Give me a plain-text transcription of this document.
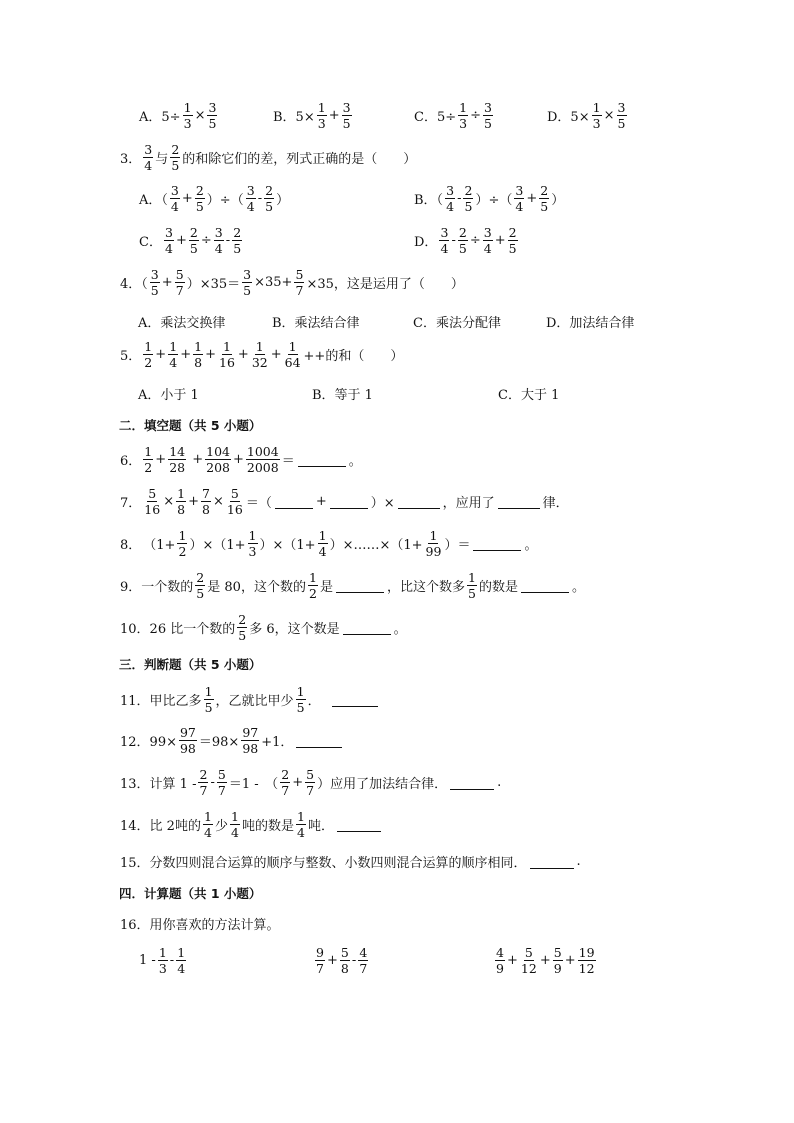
A．$5\div \frac{1}{3} \times \frac{3}{5}$	B．$5\times \frac{1}{3} + \frac{3}{5}$	C．$5\div \frac{1}{3} \div \frac{3}{5}$	D．$5\times \frac{1}{3} \times \frac{3}{5}$
3．
3
4 与
2
5 的和除它们的差，列式正确的是（　　）
A．（
3
4
+ $\frac{2}{5}$ ）÷（
3
4
-
2
5 ）	B．（
3
4
-
2
5 ）÷（
3
4
+ $\frac{2}{5}$ ）
C．
3
4
+ $\frac{2}{5} \div \frac{3}{4}$ -
2
5	D．
3
4
- $\frac{2}{5} \div \frac{3}{4} + \frac{2}{5}$
4．（
3
5
+ $\frac{5}{7} )\times 35= \frac{3}{5} \times 35+ \frac{5}{7} \times 35$，这是运用了（　　）
A．乘法交换律	B．乘法结合律	C．乘法分配律	D．加法结合律
5．
1
2
+ $\frac{1}{4} + \frac{1}{8} + \frac{1}{16} + \frac{1}{32} + \frac{1}{64}$ ++的和（　　）
A．小于 1	B．等于 1	C．大于 1
二．填空题（共 5 小题）
6．
1
2
+ $\frac{14}{28} + \frac{104}{208} + \frac{1004}{2008}$ ＝	。
7． $\frac{5}{16} \times \frac{1}{8} + \frac{7}{8} \times \frac{5}{16}$ ＝（	+	）×	，应用了	律．
8． $(1+ \frac{1}{2} )\times(1+ \frac{1}{3} )\times(1+ \frac{1}{4}$ ）×……×（1+ $\frac{1}{99}$ ）＝	。
9．一个数的
2
5 是 80，这个数的
1
2 是	，比这个数多
1
5 的数是	。
10．26 比一个数的
2
5 多 6，这个数是	。
三．判断题（共 5 小题）
11．甲比乙多
1
5 ，乙就比甲少
1
5 ．
12．$99\times \frac{97}{98} =98\times \frac{97}{98} +1$．
13．计算 1 -
2
7
-
5
7 ＝1 -　（
2
7
+ $\frac{5}{7}$ ）应用了加法结合律．	.
14．比 2吨的
1
4 少
1
4 吨的数是
1
4 吨．
15．分数四则混合运算的顺序与整数、小数四则混合运算的顺序相同．	.
四．计算题（共 1 小题）
16．用你喜欢的方法计算。
1 -
1
3
-
1
4
9
7
+ $\frac{5}{8}$ -
4
7
4
9
+ $\frac{5}{12} + \frac{5}{9} + \frac{19}{12}$
